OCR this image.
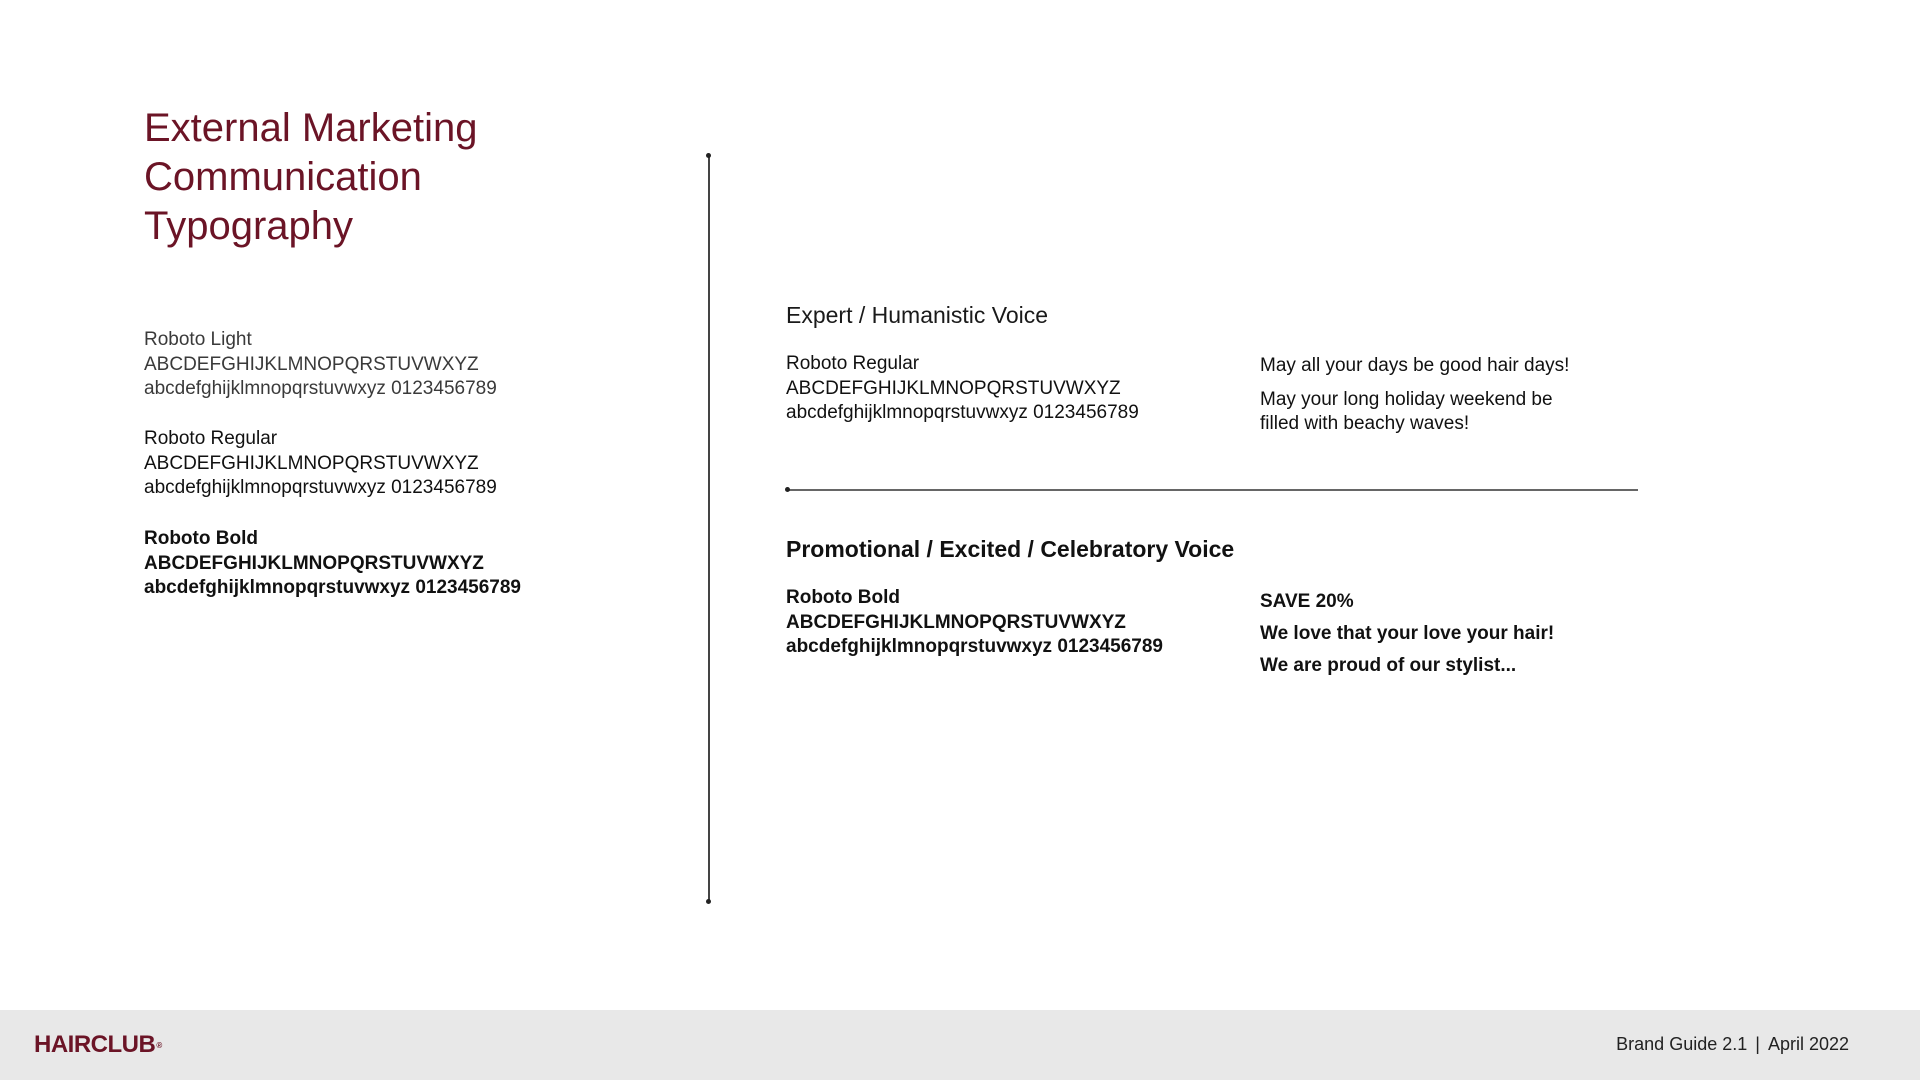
External Marketing
Communication
Typography
Roboto Light
ABCDEFGHIJKLMNOPQRSTUVWXYZ
abcdefghijklmnopqrstuvwxyz 0123456789
Roboto Regular
ABCDEFGHIJKLMNOPQRSTUVWXYZ
abcdefghijklmnopqrstuvwxyz 0123456789
Roboto Bold
ABCDEFGHIJKLMNOPQRSTUVWXYZ
abcdefghijklmnopqrstuvwxyz 0123456789
Expert / Humanistic Voice
Roboto Regular
ABCDEFGHIJKLMNOPQRSTUVWXYZ
abcdefghijklmnopqrstuvwxyz 0123456789

May all your days be good hair days!

May your long holiday weekend be filled with beachy waves!

Promotional / Excited / Celebratory Voice
Roboto Bold
ABCDEFGHIJKLMNOPQRSTUVWXYZ
abcdefghijklmnopqrstuvwxyz 0123456789

SAVE 20%

We love that your love your hair!

We are proud of our stylist...

HAIRCLUB®	Brand Guide 2.1 | April 2022
